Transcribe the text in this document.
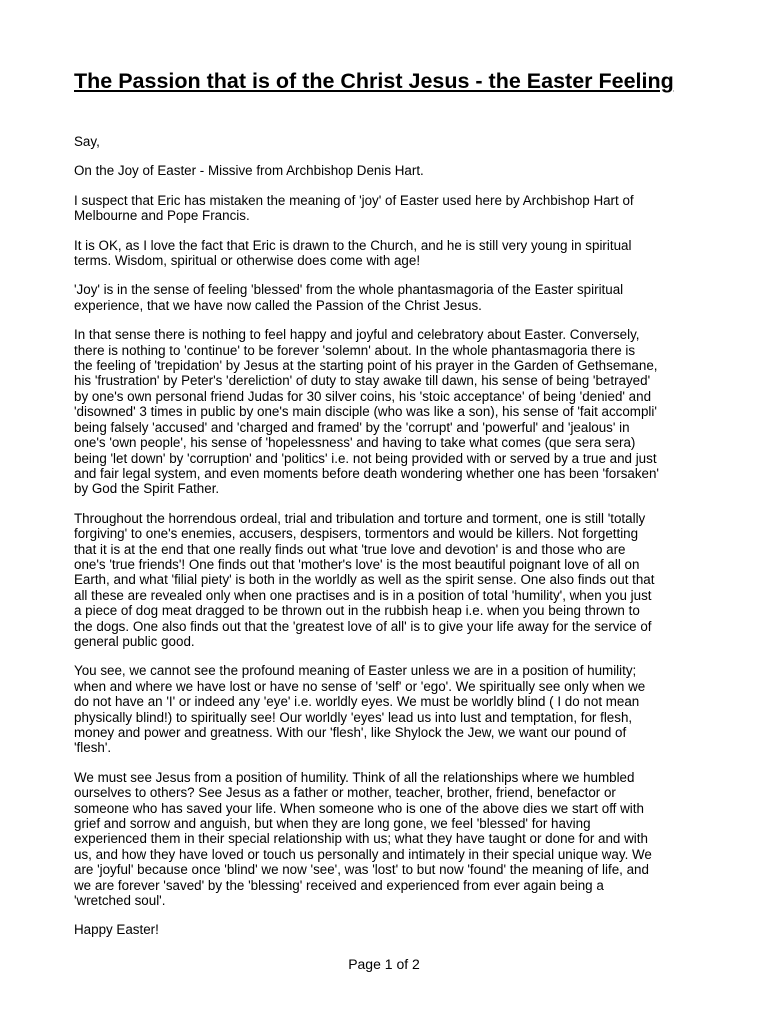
The Passion that is of the Christ Jesus - the Easter Feeling

Say,

On the Joy of Easter - Missive from Archbishop Denis Hart.

I suspect that Eric has mistaken the meaning of 'joy' of Easter used here by Archbishop Hart of
Melbourne and Pope Francis.

It is OK, as I love the fact that Eric is drawn to the Church, and he is still very young in spiritual
terms. Wisdom, spiritual or otherwise does come with age!

'Joy' is in the sense of feeling 'blessed' from the whole phantasmagoria of the Easter spiritual
experience, that we have now called the Passion of the Christ Jesus.

In that sense there is nothing to feel happy and joyful and celebratory about Easter. Conversely,
there is nothing to 'continue' to be forever 'solemn' about. In the whole phantasmagoria there is
the feeling of 'trepidation' by Jesus at the starting point of his prayer in the Garden of Gethsemane,
his 'frustration' by Peter's 'dereliction' of duty to stay awake till dawn, his sense of being 'betrayed'
by one's own personal friend Judas for 30 silver coins, his 'stoic acceptance' of being 'denied' and
'disowned' 3 times in public by one's main disciple (who was like a son), his sense of 'fait accompli'
being falsely 'accused' and 'charged and framed' by the 'corrupt' and 'powerful' and 'jealous' in
one's 'own people', his sense of 'hopelessness' and having to take what comes (que sera sera)
being 'let down' by 'corruption' and 'politics' i.e. not being provided with or served by a true and just
and fair legal system, and even moments before death wondering whether one has been 'forsaken'
by God the Spirit Father.

Throughout the horrendous ordeal, trial and tribulation and torture and torment, one is still 'totally
forgiving' to one's enemies, accusers, despisers, tormentors and would be killers. Not forgetting
that it is at the end that one really finds out what 'true love and devotion' is and those who are
one's 'true friends'! One finds out that 'mother's love' is the most beautiful poignant love of all on
Earth, and what 'filial piety' is both in the worldly as well as the spirit sense. One also finds out that
all these are revealed only when one practises and is in a position of total 'humility', when you just
a piece of dog meat dragged to be thrown out in the rubbish heap i.e. when you being thrown to
the dogs. One also finds out that the 'greatest love of all' is to give your life away for the service of
general public good.

You see, we cannot see the profound meaning of Easter unless we are in a position of humility;
when and where we have lost or have no sense of 'self' or 'ego'. We spiritually see only when we
do not have an 'I' or indeed any 'eye' i.e. worldly eyes. We must be worldly blind ( I do not mean
physically blind!) to spiritually see! Our worldly 'eyes' lead us into lust and temptation, for flesh,
money and power and greatness. With our 'flesh', like Shylock the Jew, we want our pound of
'flesh'.

We must see Jesus from a position of humility. Think of all the relationships where we humbled
ourselves to others? See Jesus as a father or mother, teacher, brother, friend, benefactor or
someone who has saved your life. When someone who is one of the above dies we start off with
grief and sorrow and anguish, but when they are long gone, we feel 'blessed' for having
experienced them in their special relationship with us; what they have taught or done for and with
us, and how they have loved or touch us personally and intimately in their special unique way. We
are 'joyful' because once 'blind' we now 'see', was 'lost' to but now 'found' the meaning of life, and
we are forever 'saved' by the 'blessing' received and experienced from ever again being a
'wretched soul'.

Happy Easter!

Page 1 of 2
